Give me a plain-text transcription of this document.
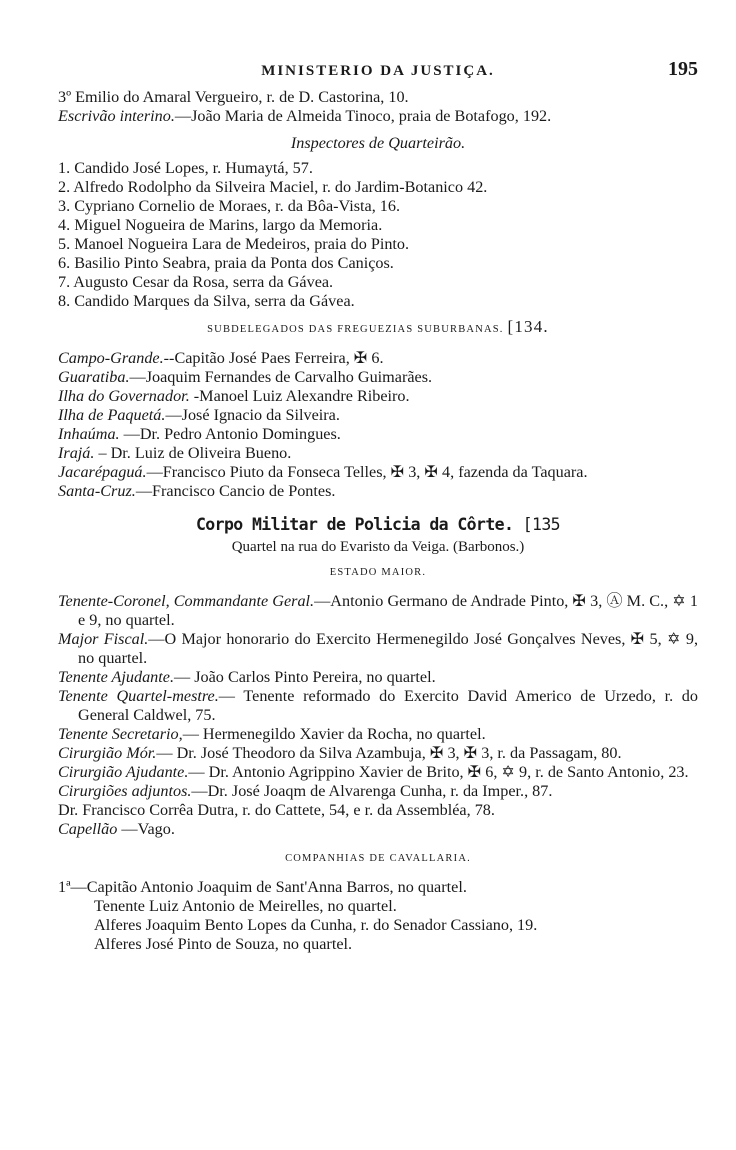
MINISTERIO DA JUSTIÇA.	195
3º Emilio do Amaral Vergueiro, r. de D. Castorina, 10.
Escrivão interino.—João Maria de Almeida Tinoco, praia de Botafogo, 192.
Inspectores de Quarteirão.
1. Candido José Lopes, r. Humaytá, 57.
2. Alfredo Rodolpho da Silveira Maciel, r. do Jardim-Botanico 42.
3. Cypriano Cornelio de Moraes, r. da Bôa-Vista, 16.
4. Miguel Nogueira de Marins, largo da Memoria.
5. Manoel Nogueira Lara de Medeiros, praia do Pinto.
6. Basilio Pinto Seabra, praia da Ponta dos Caniços.
7. Augusto Cesar da Rosa, serra da Gávea.
8. Candido Marques da Silva, serra da Gávea.
SUBDELEGADOS DAS FREGUEZIAS SUBURBANAS. [134.
Campo-Grande.--Capitão José Paes Ferreira, ✠ 6.
Guaratiba.—Joaquim Fernandes de Carvalho Guimarães.
Ilha do Governador. -Manoel Luiz Alexandre Ribeiro.
Ilha de Paquetá.—José Ignacio da Silveira.
Inhaúma. —Dr. Pedro Antonio Domingues.
Irajá. – Dr. Luiz de Oliveira Bueno.
Jacarépaguá.—Francisco Piuto da Fonseca Telles, ✠ 3, ✠ 4, fazenda da Taquara.
Santa-Cruz.—Francisco Cancio de Pontes.
Corpo Militar de Policia da Côrte. [135
Quartel na rua do Evaristo da Veiga. (Barbonos.)
ESTADO MAIOR.
Tenente-Coronel, Commandante Geral.—Antonio Germano de Andrade Pinto, ✠ 3, Ⓐ M. C., ✡ 1 e 9, no quartel.
Major Fiscal.—O Major honorario do Exercito Hermenegildo José Gonçalves Neves, ✠ 5, ✡ 9, no quartel.
Tenente Ajudante.— João Carlos Pinto Pereira, no quartel.
Tenente Quartel-mestre.— Tenente reformado do Exercito David Americo de Urzedo, r. do General Caldwel, 75.
Tenente Secretario,— Hermenegildo Xavier da Rocha, no quartel.
Cirurgião Mór.— Dr. José Theodoro da Silva Azambuja, ✠ 3, ✠ 3, r. da Passagam, 80.
Cirurgião Ajudante.— Dr. Antonio Agrippino Xavier de Brito, ✠ 6, ✡ 9, r. de Santo Antonio, 23.
Cirurgiões adjuntos.—Dr. José Joaqm de Alvarenga Cunha, r. da Imper., 87.
Dr. Francisco Corrêa Dutra, r. do Cattete, 54, e r. da Assembléa, 78.
Capellão —Vago.
COMPANHIAS DE CAVALLARIA.
1ª—Capitão Antonio Joaquim de Sant'Anna Barros, no quartel.
Tenente Luiz Antonio de Meirelles, no quartel.
Alferes Joaquim Bento Lopes da Cunha, r. do Senador Cassiano, 19.
Alferes José Pinto de Souza, no quartel.
